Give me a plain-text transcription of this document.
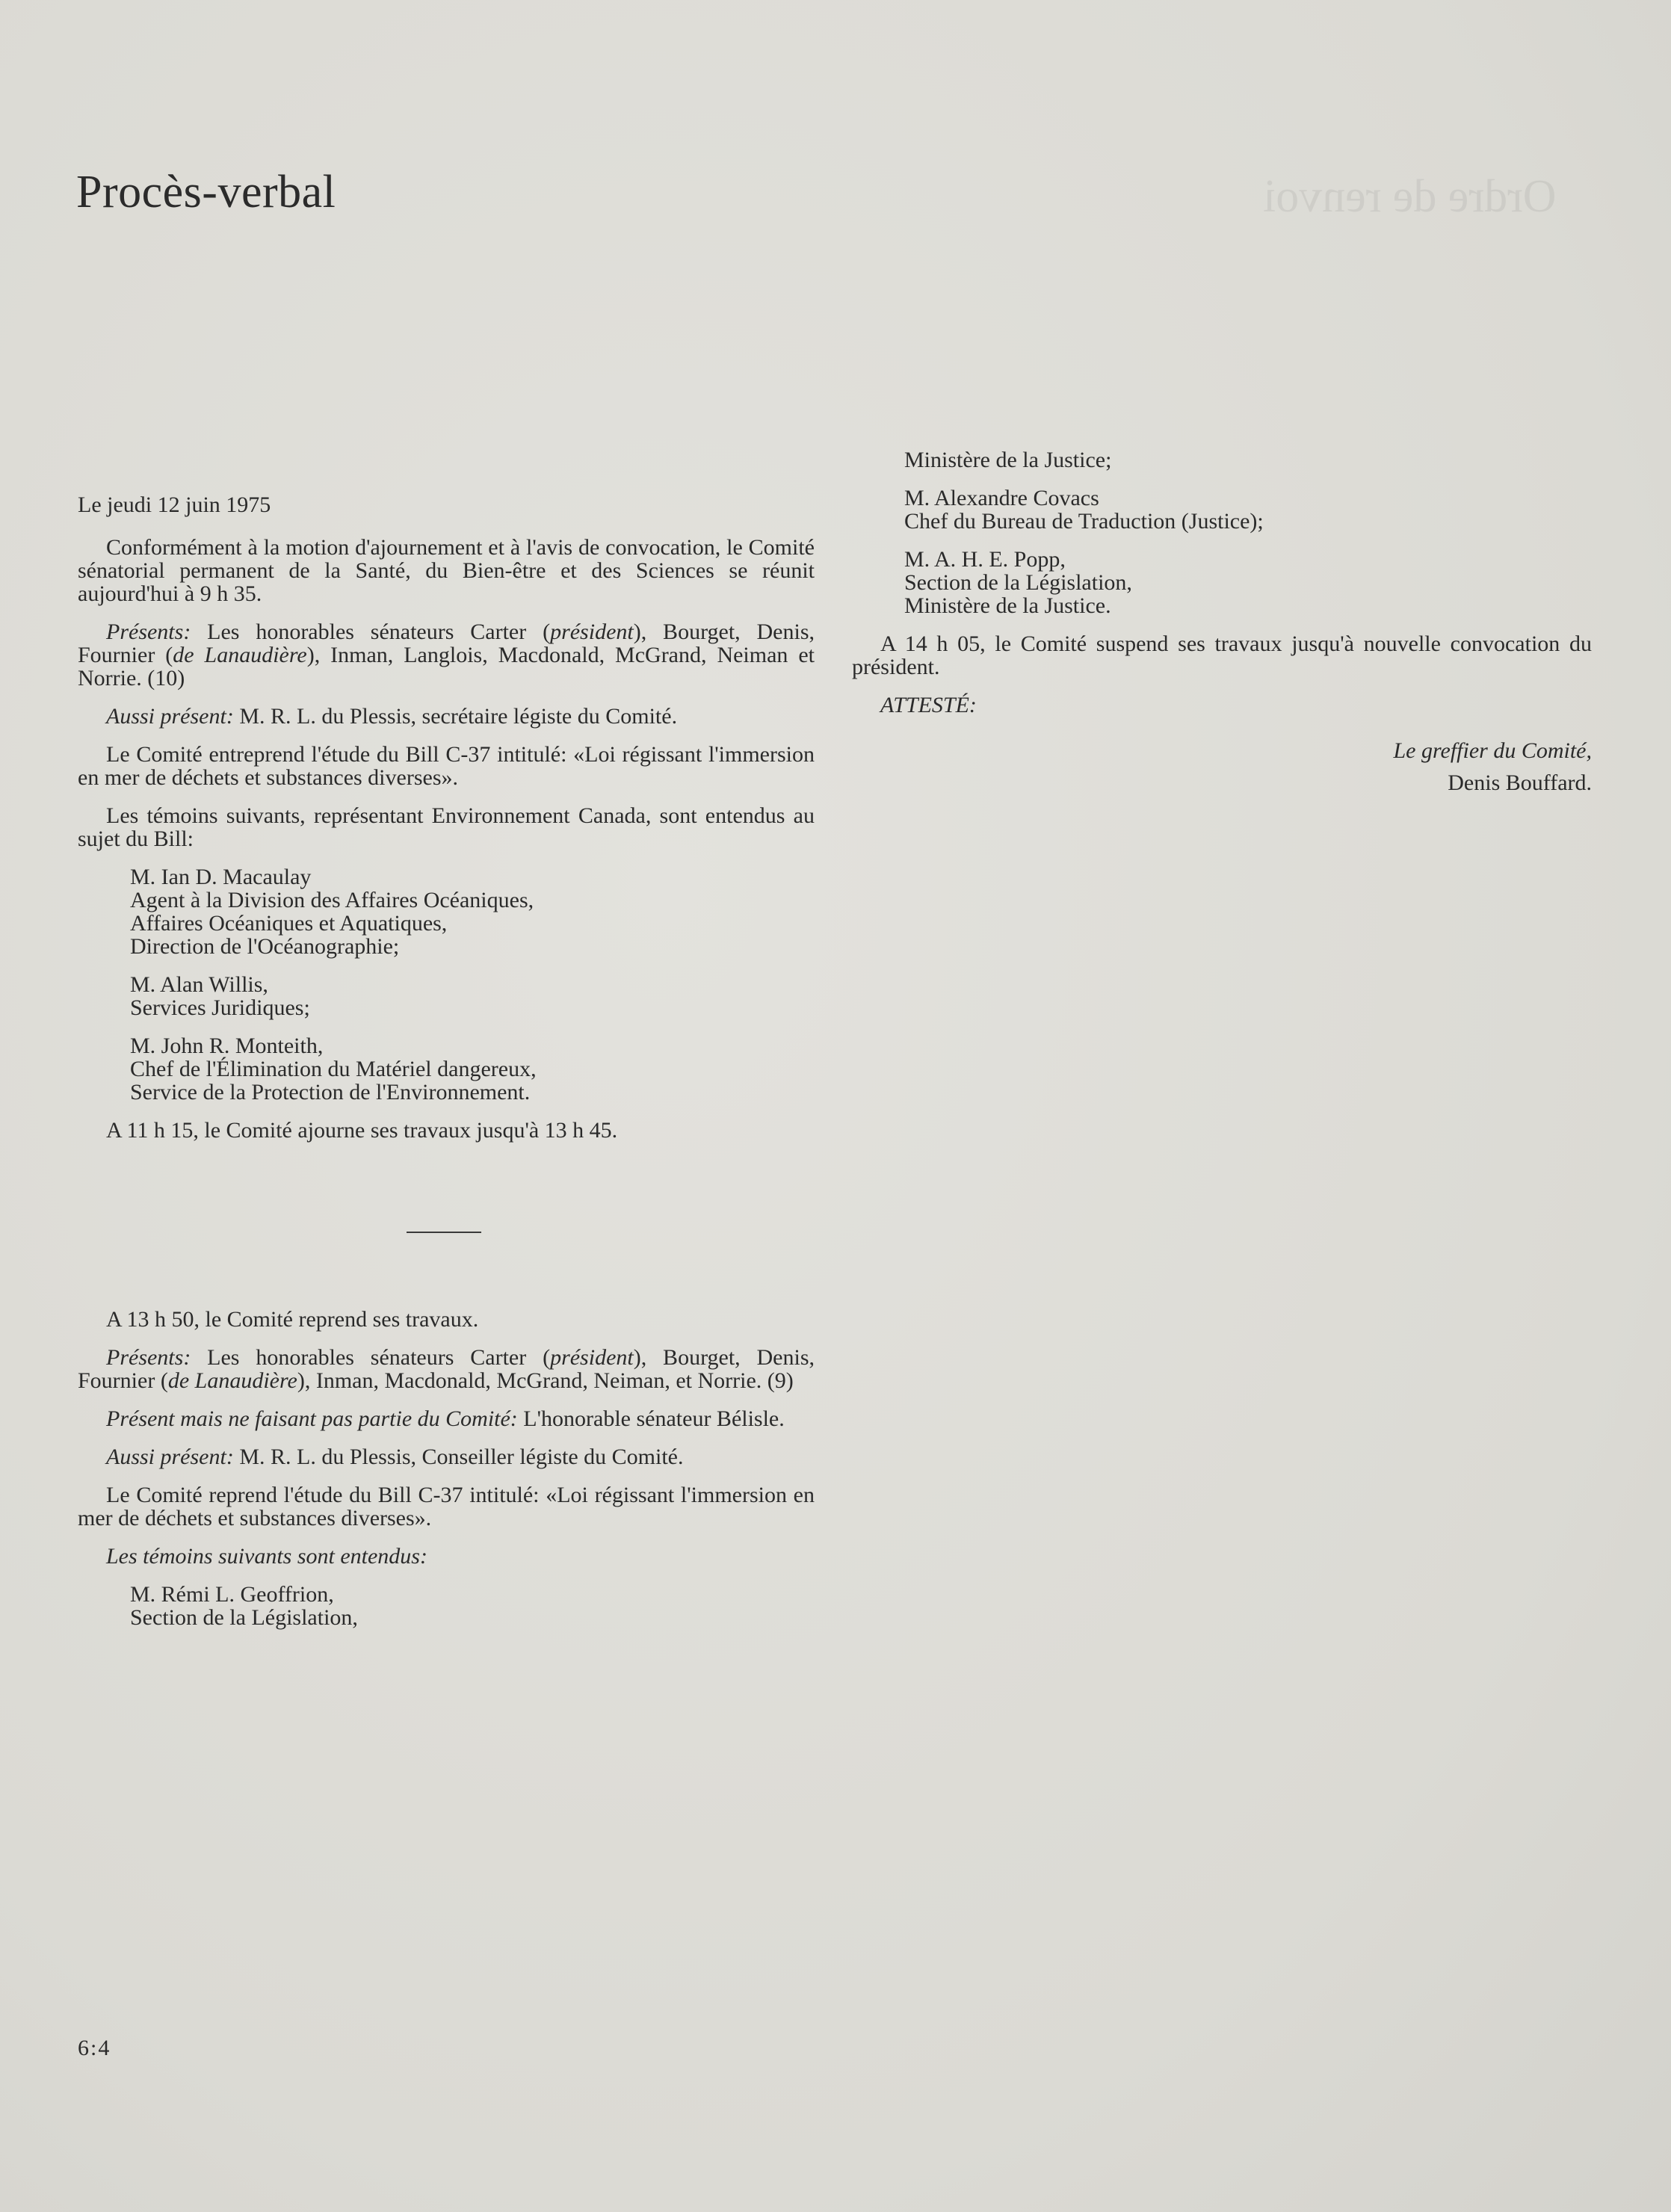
Ordre de renvoi
Procès-verbal

Le jeudi 12 juin 1975

Conformément à la motion d'ajournement et à l'avis de convocation, le Comité sénatorial permanent de la Santé, du Bien-être et des Sciences se réunit aujourd'hui à 9 h 35.

Présents: Les honorables sénateurs Carter (président), Bourget, Denis, Fournier (de Lanaudière), Inman, Langlois, Macdonald, McGrand, Neiman et Norrie. (10)

Aussi présent: M. R. L. du Plessis, secrétaire légiste du Comité.

Le Comité entreprend l'étude du Bill C-37 intitulé: «Loi régissant l'immersion en mer de déchets et substances diverses».

Les témoins suivants, représentant Environnement Canada, sont entendus au sujet du Bill:

M. Ian D. Macaulay
Agent à la Division des Affaires Océaniques,
Affaires Océaniques et Aquatiques,
Direction de l'Océanographie;
M. Alan Willis,
Services Juridiques;
M. John R. Monteith,
Chef de l'Élimination du Matériel dangereux,
Service de la Protection de l'Environnement.

A 11 h 15, le Comité ajourne ses travaux jusqu'à 13 h 45.

A 13 h 50, le Comité reprend ses travaux.

Présents: Les honorables sénateurs Carter (président), Bourget, Denis, Fournier (de Lanaudière), Inman, Macdonald, McGrand, Neiman, et Norrie. (9)

Présent mais ne faisant pas partie du Comité: L'honorable sénateur Bélisle.

Aussi présent: M. R. L. du Plessis, Conseiller légiste du Comité.

Le Comité reprend l'étude du Bill C-37 intitulé: «Loi régissant l'immersion en mer de déchets et substances diverses».

Les témoins suivants sont entendus:

M. Rémi L. Geoffrion,
Section de la Législation,
Ministère de la Justice;
M. Alexandre Covacs
Chef du Bureau de Traduction (Justice);
M. A. H. E. Popp,
Section de la Législation,
Ministère de la Justice.

A 14 h 05, le Comité suspend ses travaux jusqu'à nouvelle convocation du président.

ATTESTÉ:

Le greffier du Comité,

Denis Bouffard.

6:4
